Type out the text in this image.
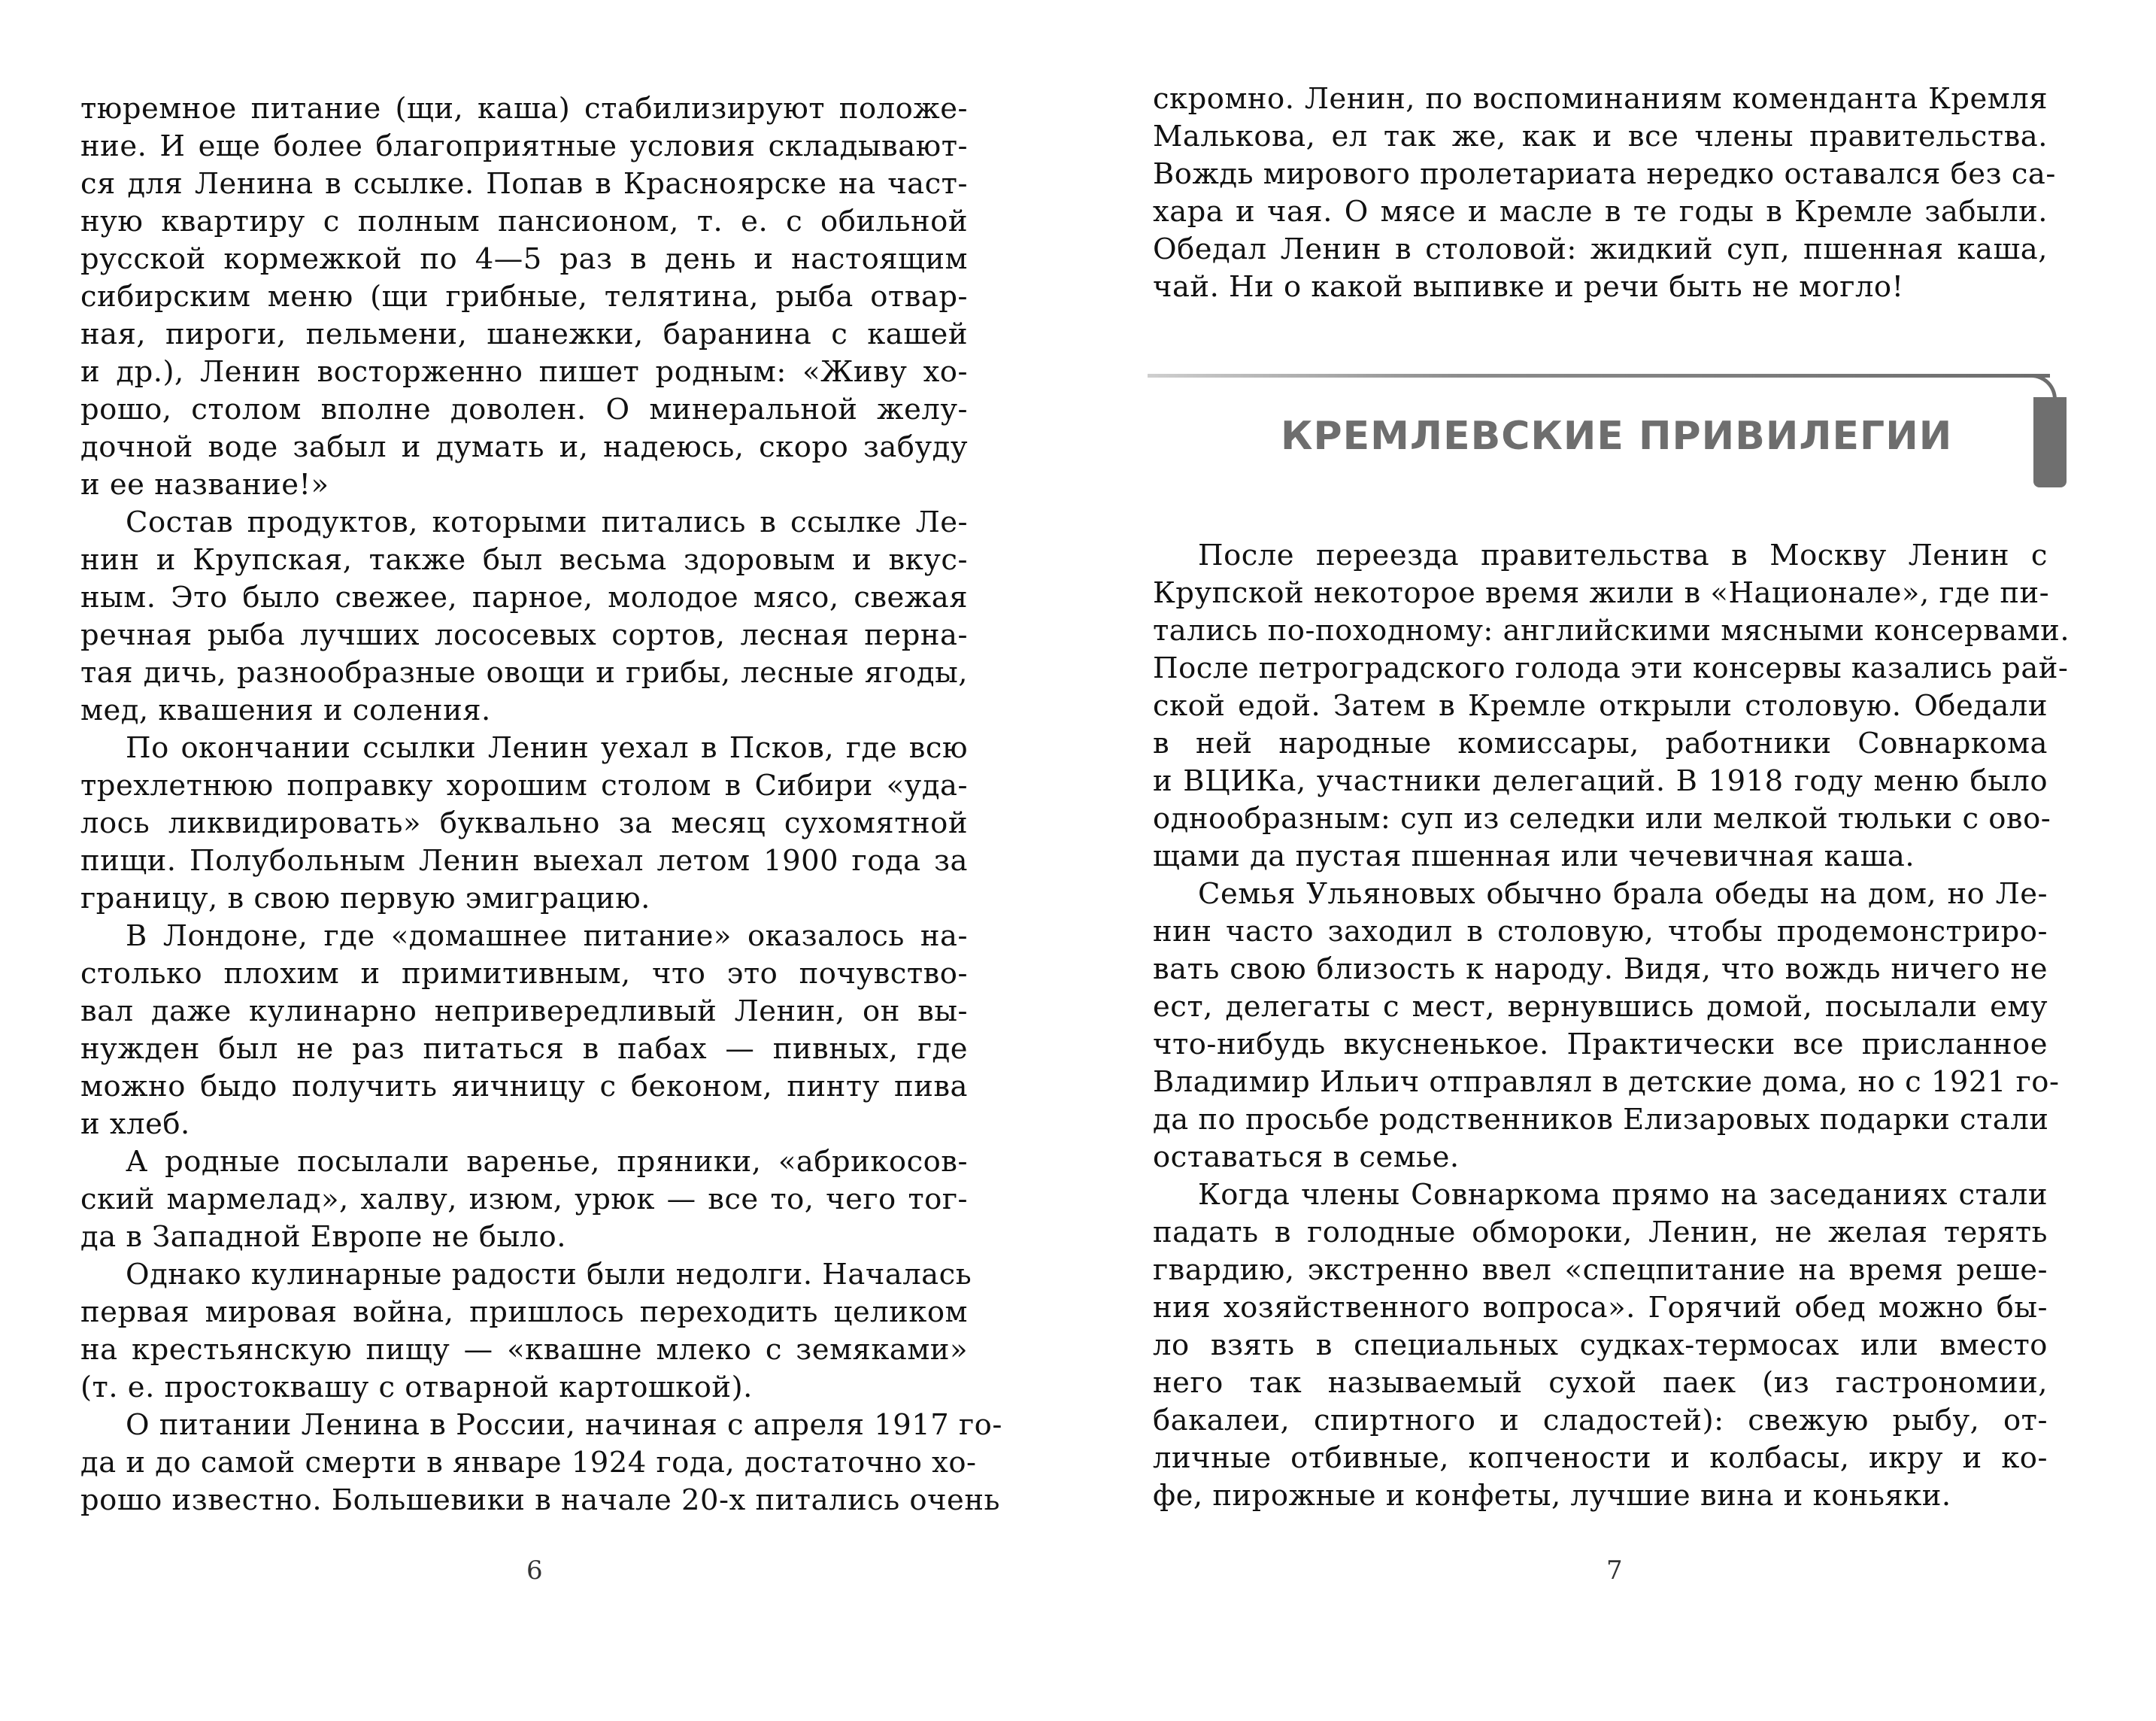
тюремное питание (щи, каша) стабилизируют положе-
ние. И еще более благоприятные условия складывают-
ся для Ленина в ссылке. Попав в Красноярске на част-
ную квартиру с полным пансионом, т. е. с обильной
русской кормежкой по 4—5 раз в день и настоящим
сибирским меню (щи грибные, телятина, рыба отвар-
ная, пироги, пельмени, шанежки, баранина с кашей
и др.), Ленин восторженно пишет родным: «Живу хо-
рошо, столом вполне доволен. О минеральной желу-
дочной воде забыл и думать и, надеюсь, скоро забуду
и ее название!»
Состав продуктов, которыми питались в ссылке Ле-
нин и Крупская, также был весьма здоровым и вкус-
ным. Это было свежее, парное, молодое мясо, свежая
речная рыба лучших лососевых сортов, лесная перна-
тая дичь, разнообразные овощи и грибы, лесные ягоды,
мед, квашения и соления.
По окончании ссылки Ленин уехал в Псков, где всю
трехлетнюю поправку хорошим столом в Сибири «уда-
лось ликвидировать» буквально за месяц сухомятной
пищи. Полубольным Ленин выехал летом 1900 года за
границу, в свою первую эмиграцию.
В Лондоне, где «домашнее питание» оказалось на-
столько плохим и примитивным, что это почувство-
вал даже кулинарно непривередливый Ленин, он вы-
нужден был не раз питаться в пабах — пивных, где
можно быдо получить яичницу с беконом, пинту пива
и хлеб.
А родные посылали варенье, пряники, «абрикосов-
ский мармелад», халву, изюм, урюк — все то, чего тог-
да в Западной Европе не было.
Однако кулинарные радости были недолги. Началась
первая мировая война, пришлось переходить целиком
на крестьянскую пищу — «квашне млеко с земяками»
(т. е. простоквашу с отварной картошкой).
О питании Ленина в России, начиная с апреля 1917 го-
да и до самой смерти в январе 1924 года, достаточно хо-
рошо известно. Большевики в начале 20-х питались очень
6
скромно. Ленин, по воспоминаниям коменданта Кремля
Малькова, ел так же, как и все члены правительства.
Вождь мирового пролетариата нередко оставался без са-
хара и чая. О мясе и масле в те годы в Кремле забыли.
Обедал Ленин в столовой: жидкий суп, пшенная каша,
чай. Ни о какой выпивке и речи быть не могло!
КРЕМЛЕВСКИЕ ПРИВИЛЕГИИ
После переезда правительства в Москву Ленин с
Крупской некоторое время жили в «Национале», где пи-
тались по-походному: английскими мясными консервами.
После петроградского голода эти консервы казались рай-
ской едой. Затем в Кремле открыли столовую. Обедали
в ней народные комиссары, работники Совнаркома
и ВЦИКа, участники делегаций. В 1918 году меню было
однообразным: суп из селедки или мелкой тюльки с ово-
щами да пустая пшенная или чечевичная каша.
Семья Ульяновых обычно брала обеды на дом, но Ле-
нин часто заходил в столовую, чтобы продемонстриро-
вать свою близость к народу. Видя, что вождь ничего не
ест, делегаты с мест, вернувшись домой, посылали ему
что-нибудь вкусненькое. Практически все присланное
Владимир Ильич отправлял в детские дома, но с 1921 го-
да по просьбе родственников Елизаровых подарки стали
оставаться в семье.
Когда члены Совнаркома прямо на заседаниях стали
падать в голодные обмороки, Ленин, не желая терять
гвардию, экстренно ввел «спецпитание на время реше-
ния хозяйственного вопроса». Горячий обед можно бы-
ло взять в специальных судках-термосах или вместо
него так называемый сухой паек (из гастрономии,
бакалеи, спиртного и сладостей): свежую рыбу, от-
личные отбивные, копчености и колбасы, икру и ко-
фе, пирожные и конфеты, лучшие вина и коньяки.
7
